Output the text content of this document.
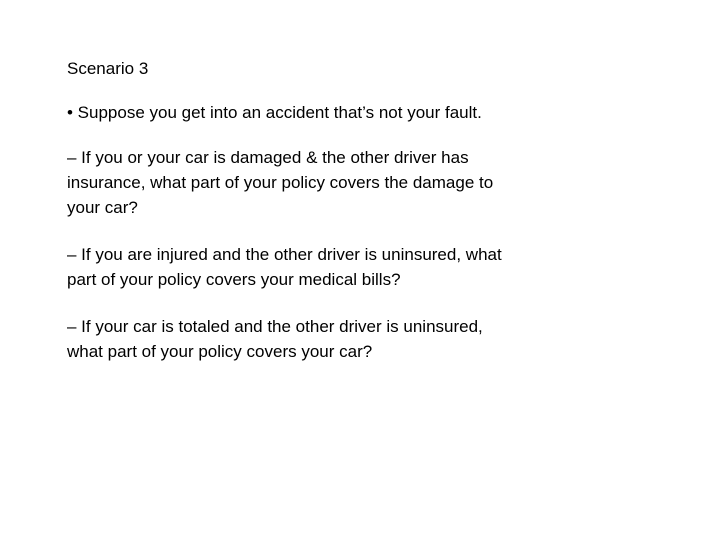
Scenario 3
• Suppose you get into an accident that’s not your fault.
– If you or your car is damaged & the other driver has insurance, what part of your policy covers the damage to your car?
– If you are injured and the other driver is uninsured, what part of your policy covers your medical bills?
– If your car is totaled and the other driver is uninsured, what part of your policy covers your car?
